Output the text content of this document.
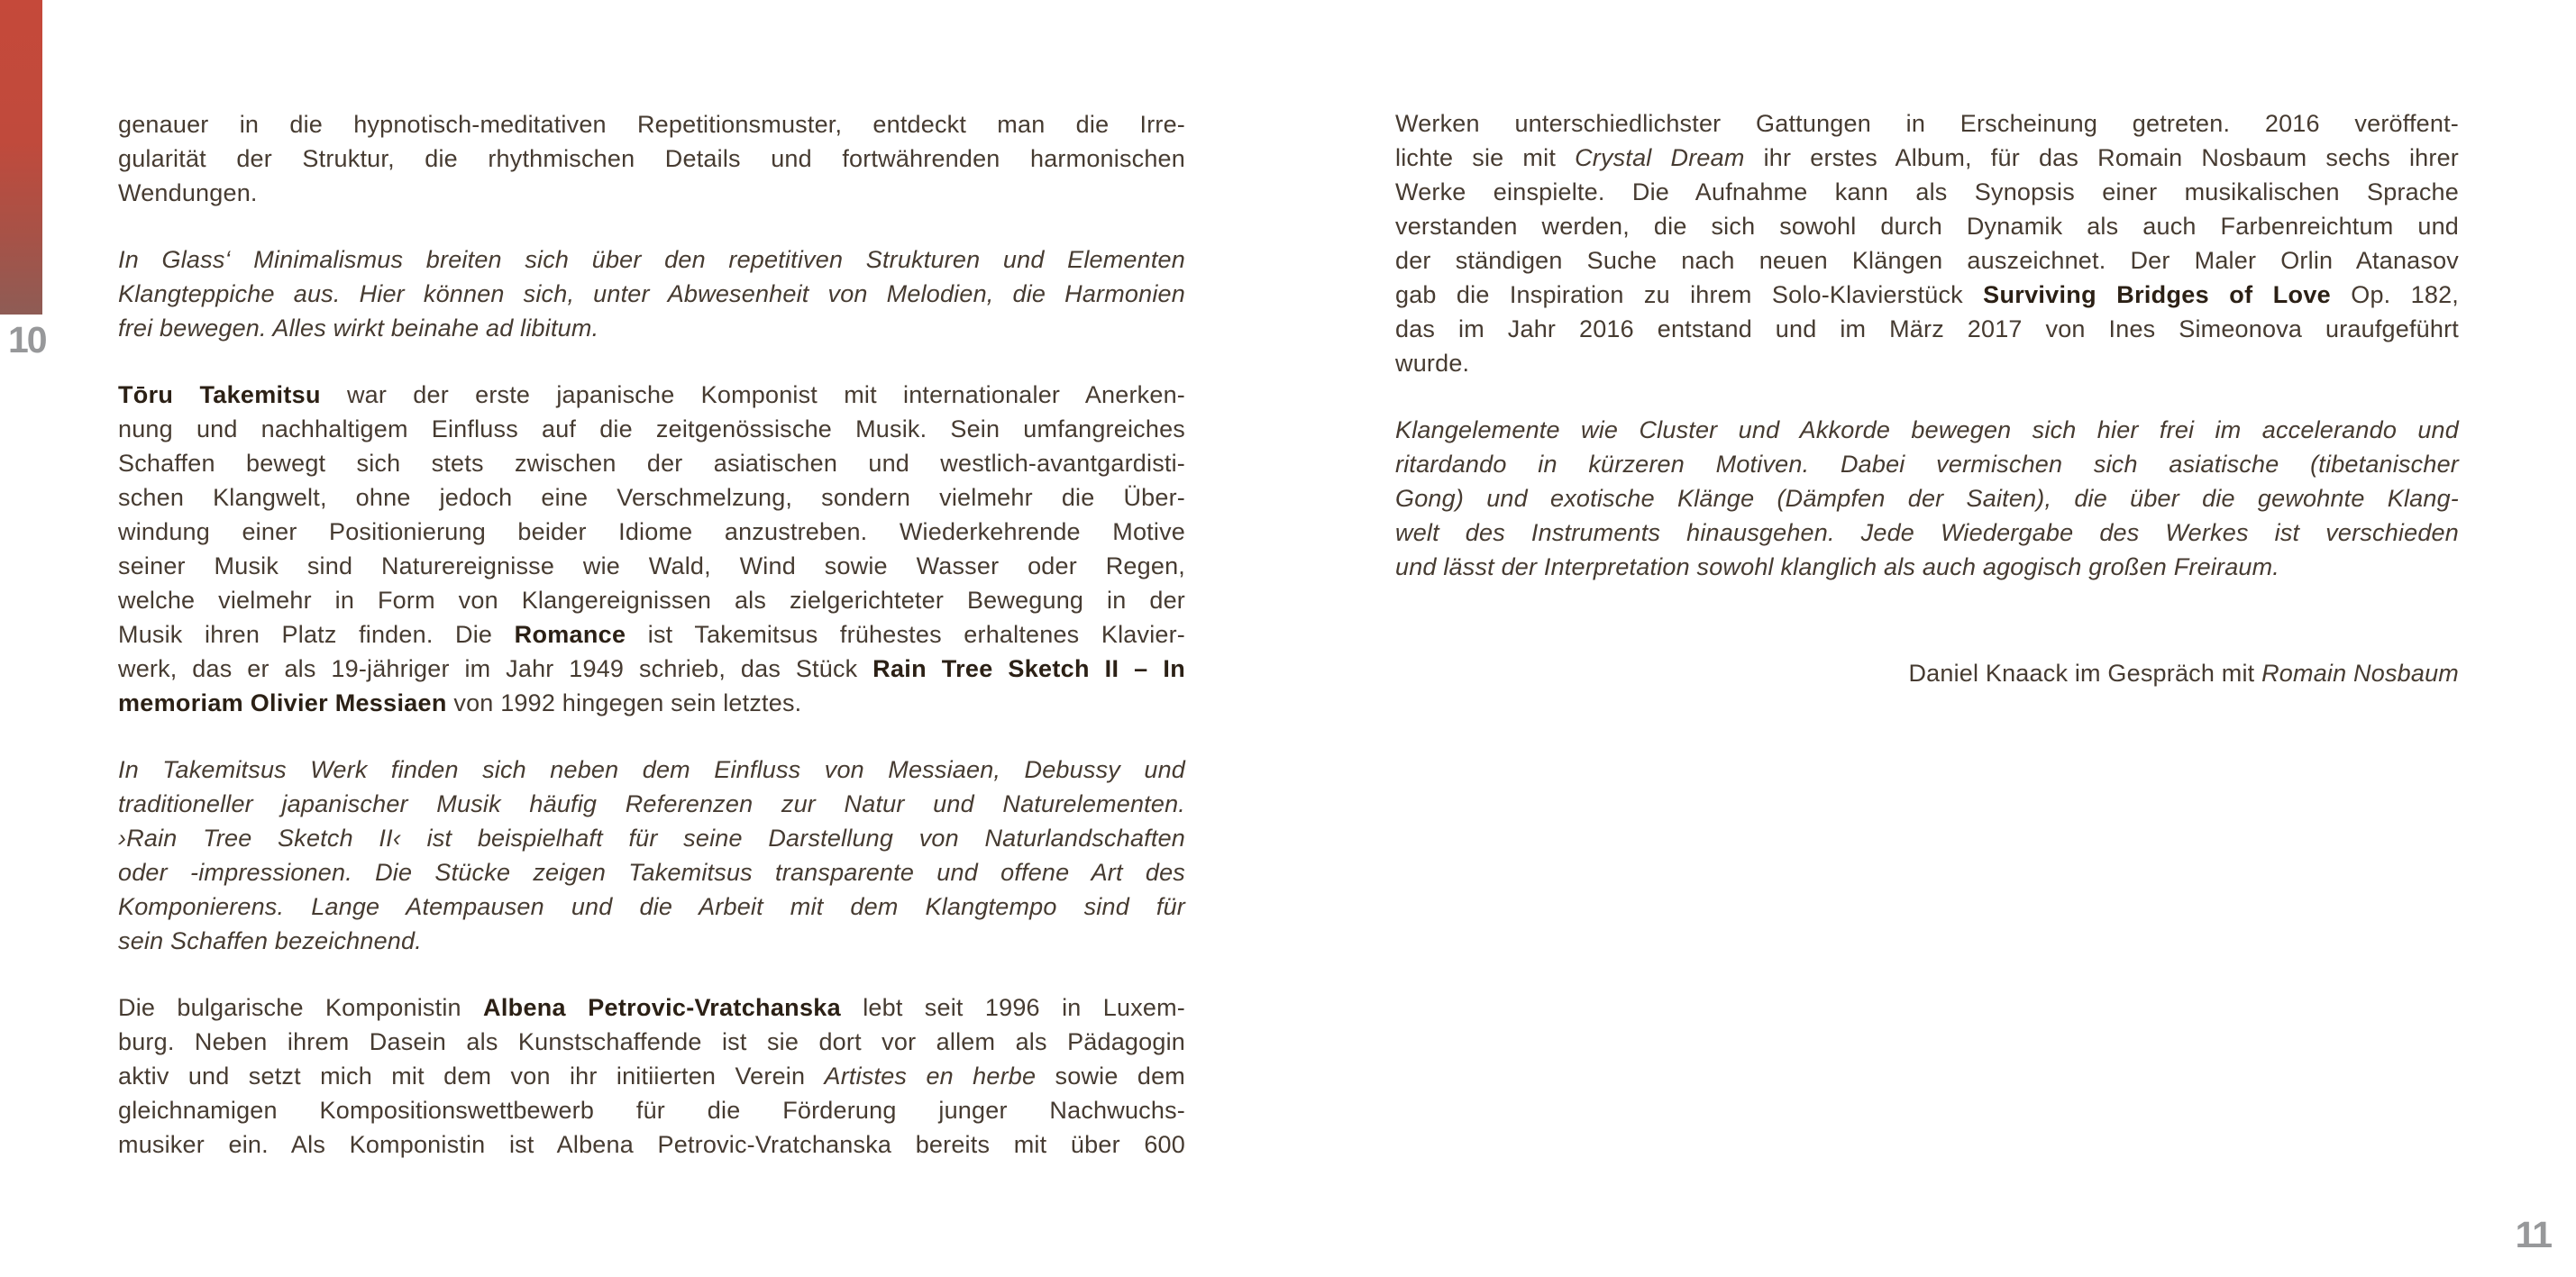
10
genauer in die hypnotisch-meditativen Repetitionsmuster, entdeckt man die Irre-
gularität der Struktur, die rhythmischen Details und fortwährenden harmonischen
Wendungen.
In Glass‘ Minimalismus breiten sich über den repetitiven Strukturen und Elementen
Klangteppiche aus. Hier können sich, unter Abwesenheit von Melodien, die Harmonien
frei bewegen. Alles wirkt beinahe ad libitum.
Tōru Takemitsu war der erste japanische Komponist mit internationaler Anerken-
nung und nachhaltigem Einfluss auf die zeitgenössische Musik. Sein umfangreiches
Schaffen bewegt sich stets zwischen der asiatischen und westlich-avantgardisti-
schen Klangwelt, ohne jedoch eine Verschmelzung, sondern vielmehr die Über-
windung einer Positionierung beider Idiome anzustreben. Wiederkehrende Motive
seiner Musik sind Naturereignisse wie Wald, Wind sowie Wasser oder Regen,
welche vielmehr in Form von Klangereignissen als zielgerichteter Bewegung in der
Musik ihren Platz finden. Die Romance ist Takemitsus frühestes erhaltenes Klavier-
werk, das er als 19-jähriger im Jahr 1949 schrieb, das Stück Rain Tree Sketch II – In
memoriam Olivier Messiaen von 1992 hingegen sein letztes.
In Takemitsus Werk finden sich neben dem Einfluss von Messiaen, Debussy und
traditioneller japanischer Musik häufig Referenzen zur Natur und Naturelementen.
›Rain Tree Sketch II‹ ist beispielhaft für seine Darstellung von Naturlandschaften
oder -impressionen. Die Stücke zeigen Takemitsus transparente und offene Art des
Komponierens. Lange Atempausen und die Arbeit mit dem Klangtempo sind für
sein Schaffen bezeichnend.
Die bulgarische Komponistin Albena Petrovic-Vratchanska lebt seit 1996 in Luxem-
burg. Neben ihrem Dasein als Kunstschaffende ist sie dort vor allem als Pädagogin
aktiv und setzt mich mit dem von ihr initiierten Verein Artistes en herbe sowie dem
gleichnamigen Kompositionswettbewerb für die Förderung junger Nachwuchs-
musiker ein. Als Komponistin ist Albena Petrovic-Vratchanska bereits mit über 600
Werken unterschiedlichster Gattungen in Erscheinung getreten. 2016 veröffent-
lichte sie mit Crystal Dream ihr erstes Album, für das Romain Nosbaum sechs ihrer
Werke einspielte. Die Aufnahme kann als Synopsis einer musikalischen Sprache
verstanden werden, die sich sowohl durch Dynamik als auch Farbenreichtum und
der ständigen Suche nach neuen Klängen auszeichnet. Der Maler Orlin Atanasov
gab die Inspiration zu ihrem Solo-Klavierstück Surviving Bridges of Love Op. 182,
das im Jahr 2016 entstand und im März 2017 von Ines Simeonova uraufgeführt
wurde.
Klangelemente wie Cluster und Akkorde bewegen sich hier frei im accelerando und
ritardando in kürzeren Motiven. Dabei vermischen sich asiatische (tibetanischer
Gong) und exotische Klänge (Dämpfen der Saiten), die über die gewohnte Klang-
welt des Instruments hinausgehen. Jede Wiedergabe des Werkes ist verschieden
und lässt der Interpretation sowohl klanglich als auch agogisch großen Freiraum.
Daniel Knaack im Gespräch mit Romain Nosbaum
11
